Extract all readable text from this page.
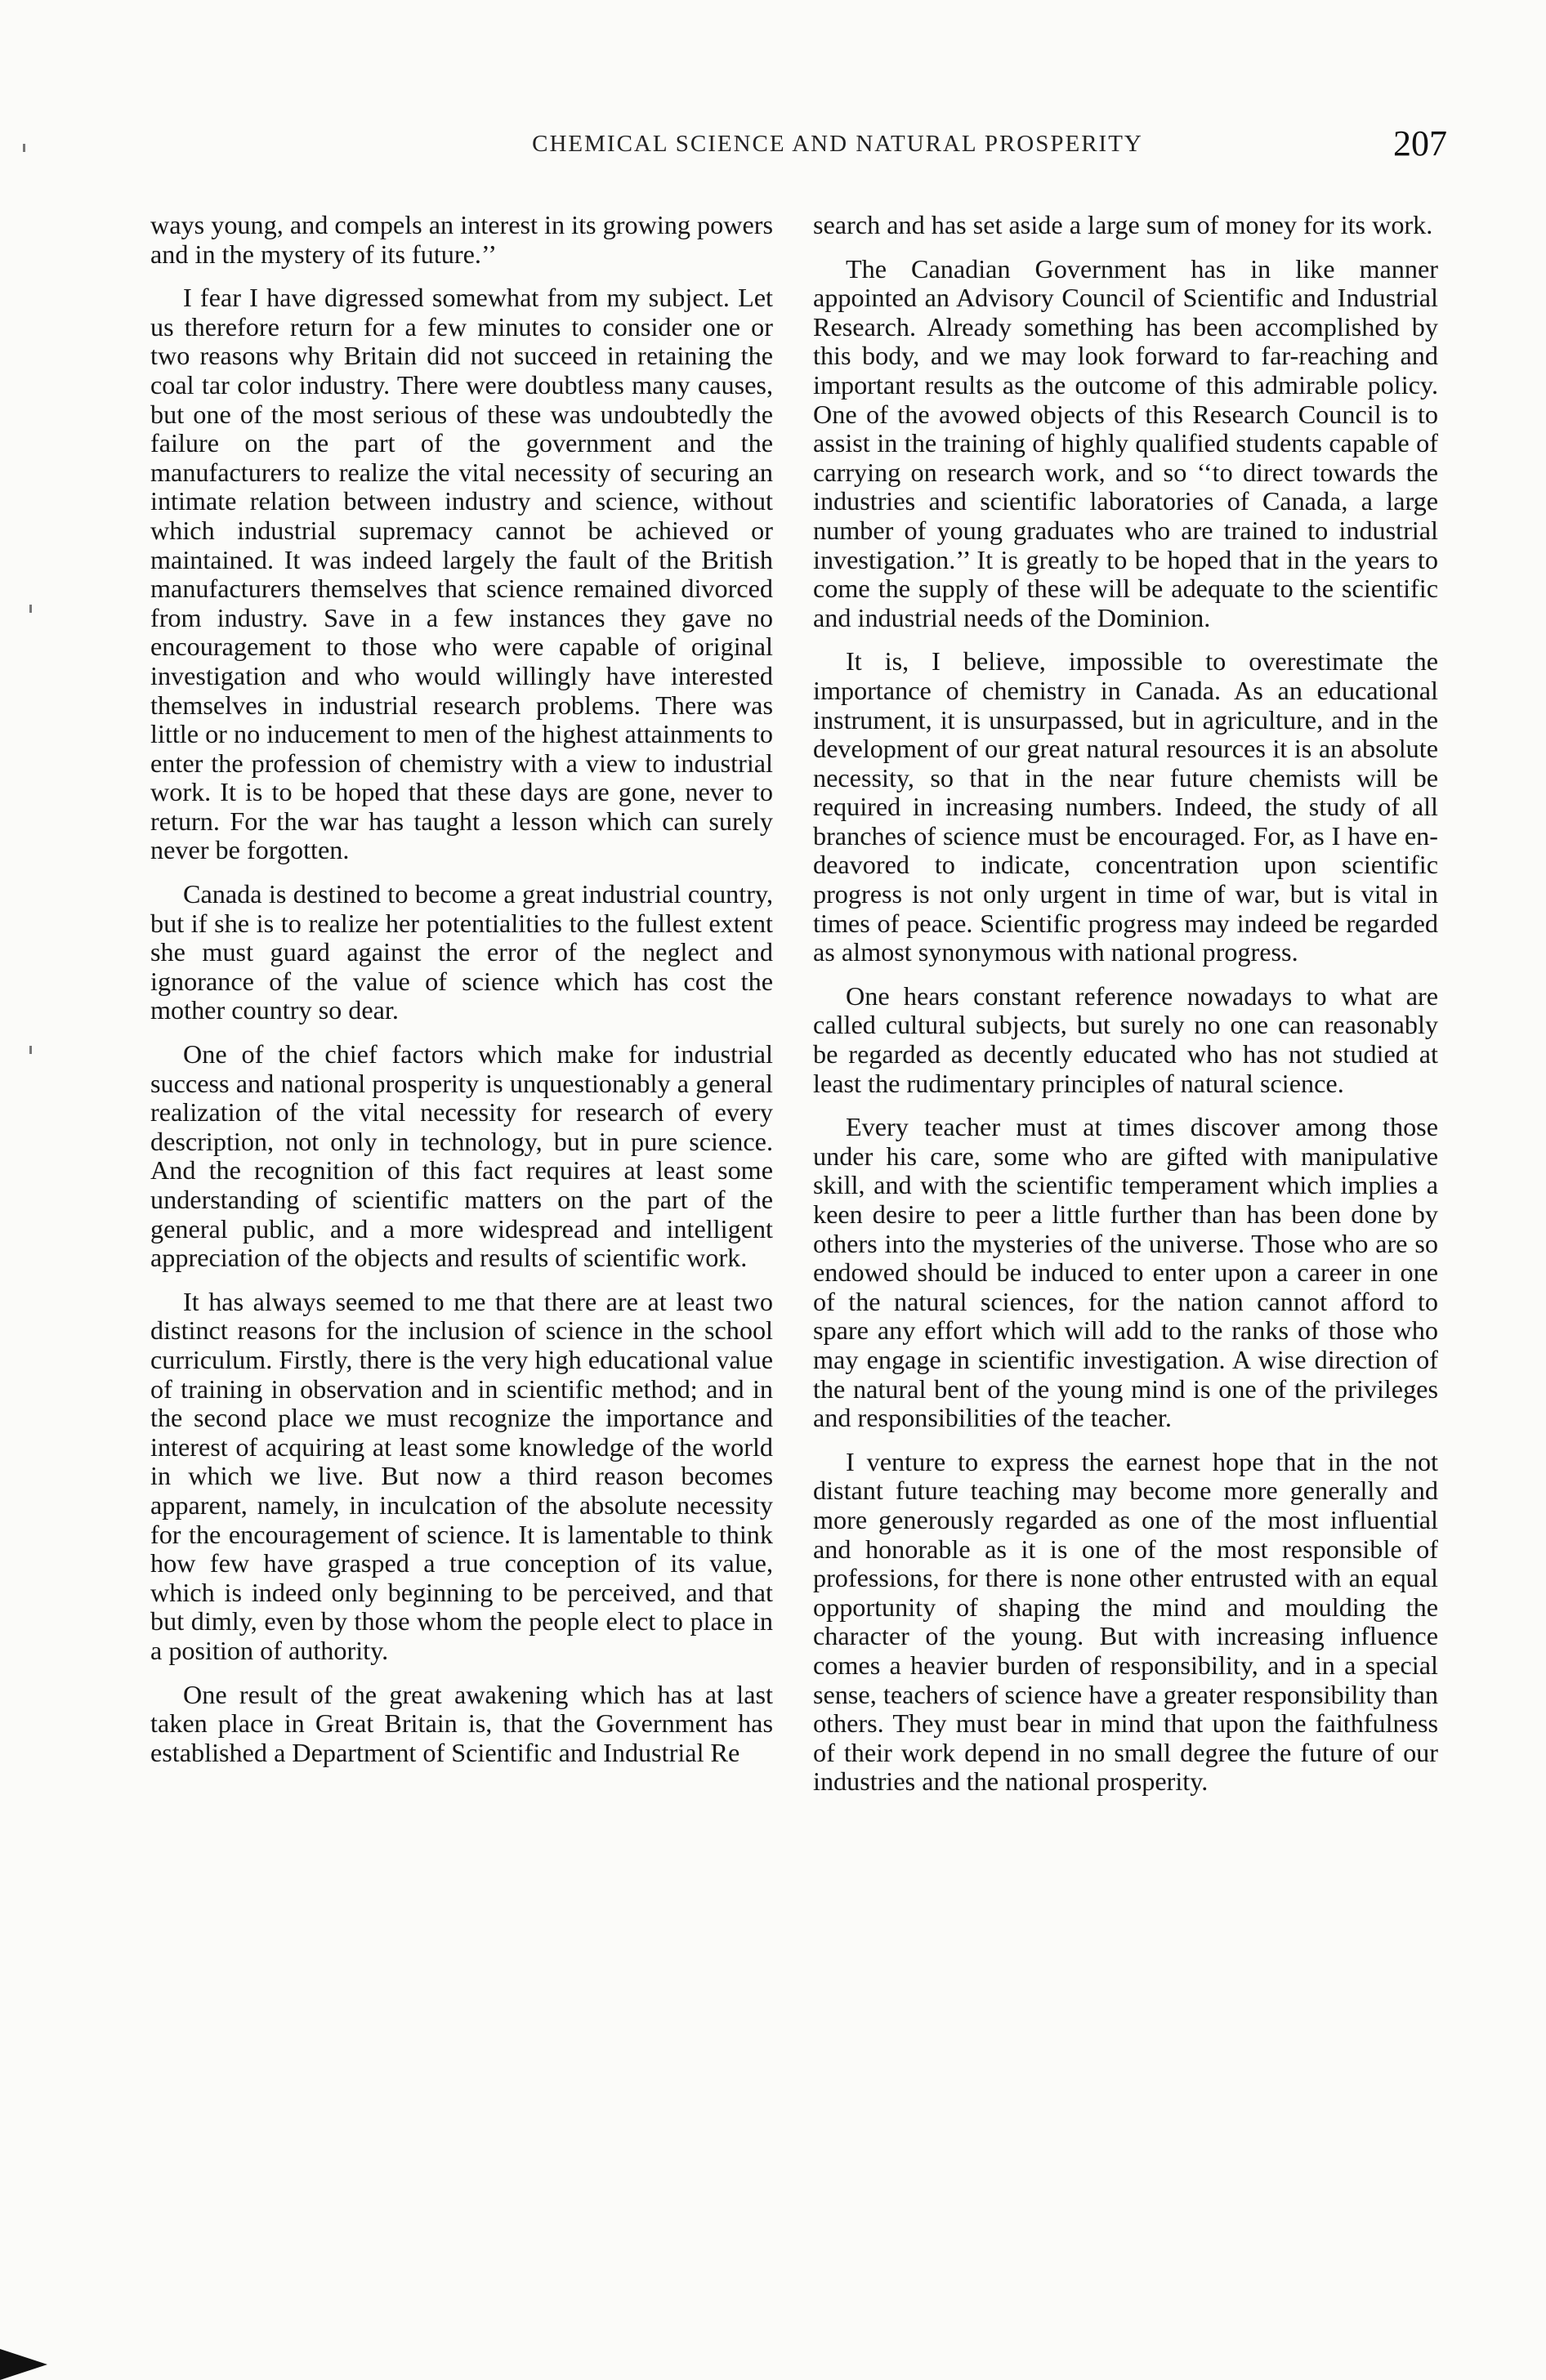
CHEMICAL SCIENCE AND NATURAL PROSPERITY	207

ways young, and compels an interest in its growing powers and in the mystery of its future.’’

I fear I have digressed somewhat from my subject. Let us therefore return for a few minutes to consider one or two reasons why Britain did not succeed in retaining the coal tar color industry. There were doubtless many causes, but one of the most serious of these was undoubtedly the failure on the part of the government and the manufacturers to realize the vital necessity of securing an intimate relation between industry and science, without which industrial supremacy cannot be achieved or maintained. It was indeed largely the fault of the British manufacturers themselves that science remained divorced from industry. Save in a few instances they gave no encouragement to those who were capable of original investigation and who would willingly have interested themselves in industrial research problems. There was little or no inducement to men of the highest attainments to enter the profession of chemistry with a view to industrial work. It is to be hoped that these days are gone, never to return. For the war has taught a lesson which can surely never be forgotten.

Canada is destined to become a great industrial country, but if she is to realize her potentialities to the fullest extent she must guard against the error of the neglect and ignorance of the value of science which has cost the mother country so dear.

One of the chief factors which make for industrial success and national prosperity is unquestionably a general realization of the vital necessity for research of every description, not only in technology, but in pure science. And the recognition of this fact requires at least some understanding of scientific matters on the part of the general public, and a more widespread and intelligent appreciation of the objects and results of scientific work.

It has always seemed to me that there are at least two distinct reasons for the inclusion of science in the school curriculum. Firstly, there is the very high educational value of training in observation and in scientific method; and in the second place we must recognize the importance and interest of acquiring at least some knowledge of the world in which we live. But now a third reason becomes apparent, namely, in inculcation of the absolute necessity for the encouragement of science. It is lamentable to think how few have grasped a true conception of its value, which is indeed only beginning to be perceived, and that but dimly, even by those whom the people elect to place in a position of authority.

One result of the great awakening which has at last taken place in Great Britain is, that the Government has established a Department of Scientific and Industrial Re

search and has set aside a large sum of money for its work.

The Canadian Government has in like manner appointed an Advisory Council of Scientific and Industrial Research. Already something has been accomplished by this body, and we may look forward to far-reaching and important results as the outcome of this admirable policy. One of the avowed objects of this Research Council is to assist in the training of highly qualified students capable of carrying on research work, and so ‘‘to direct towards the industries and scientific laboratories of Canada, a large number of young graduates who are trained to industrial investigation.’’ It is greatly to be hoped that in the years to come the supply of these will be adequate to the scientific and industrial needs of the Dominion.

It is, I believe, impossible to overestimate the importance of chemistry in Canada. As an educational instrument, it is unsurpassed, but in agriculture, and in the development of our great natural resources it is an absolute necessity, so that in the near future chemists will be required in increasing numbers. Indeed, the study of all branches of science must be encouraged. For, as I have endeavored to indicate, concentration upon scientific progress is not only urgent in time of war, but is vital in times of peace. Scientific progress may indeed be regarded as almost synonymous with national progress.

One hears constant reference nowadays to what are called cultural subjects, but surely no one can reasonably be regarded as decently educated who has not studied at least the rudimentary principles of natural science.

Every teacher must at times discover among those under his care, some who are gifted with manipulative skill, and with the scientific temperament which implies a keen desire to peer a little further than has been done by others into the mysteries of the universe. Those who are so endowed should be induced to enter upon a career in one of the natural sciences, for the nation cannot afford to spare any effort which will add to the ranks of those who may engage in scientific investigation. A wise direction of the natural bent of the young mind is one of the privileges and responsibilities of the teacher.

I venture to express the earnest hope that in the not distant future teaching may become more generally and more generously regarded as one of the most influential and honorable as it is one of the most responsible of professions, for there is none other entrusted with an equal opportunity of shaping the mind and moulding the character of the young. But with increasing influence comes a heavier burden of responsibility, and in a special sense, teachers of science have a greater responsibility than others. They must bear in mind that upon the faithfulness of their work depend in no small degree the future of our industries and the national prosperity.
